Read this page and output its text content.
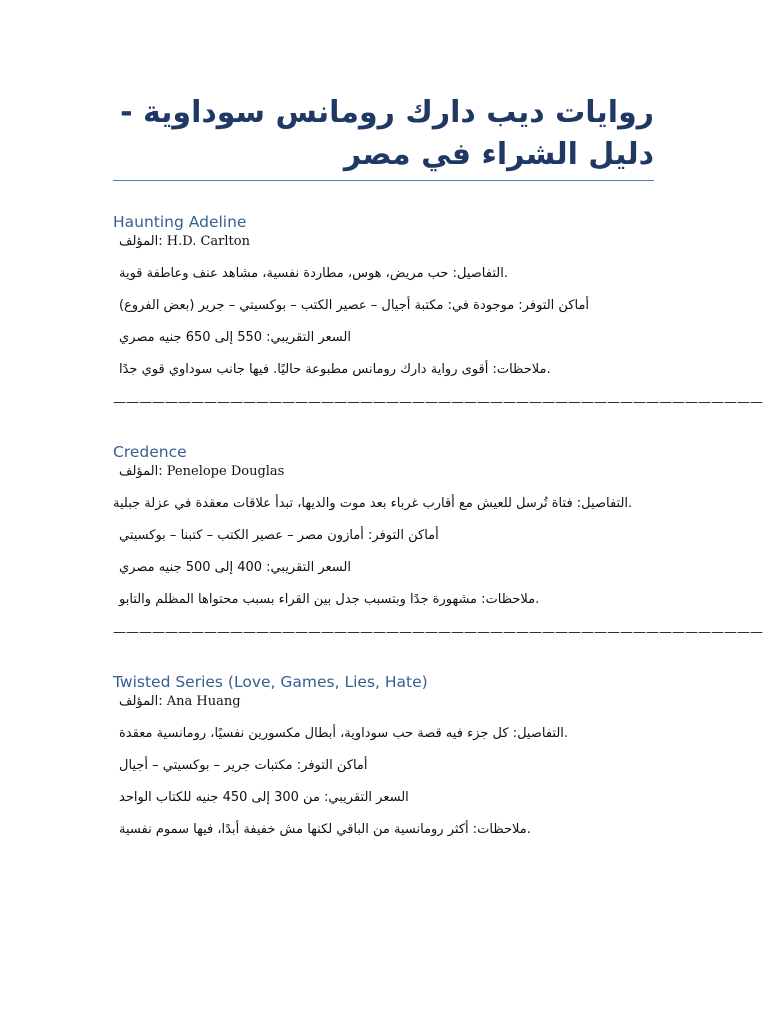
روايات ديب دارك رومانس سوداوية - دليل الشراء في مصر
Haunting Adeline

المؤلف: H.D. Carlton

التفاصيل: حب مريض، هوس، مطاردة نفسية، مشاهد عنف وعاطفة قوية.

أماكن التوفر: موجودة في: مكتبة أجيال – عصير الكتب – بوكسيتي – جرير (بعض الفروع)

السعر التقريبي: 550 إلى 650 جنيه مصري

ملاحظات: أقوى رواية دارك رومانس مطبوعة حاليًا. فيها جانب سوداوي قوي جدًا.

——————————————————————————————————————————————————
Credence

المؤلف: Penelope Douglas

التفاصيل: فتاة تُرسل للعيش مع أقارب غرباء بعد موت والديها، تبدأ علاقات معقدة في عزلة جبلية.

أماكن التوفر: أمازون مصر – عصير الكتب – كتبنا – بوكسيتي

السعر التقريبي: 400 إلى 500 جنيه مصري

ملاحظات: مشهورة جدًا وبتسبب جدل بين القراء بسبب محتواها المظلم والتابو.

——————————————————————————————————————————————————
Twisted Series (Love, Games, Lies, Hate)

المؤلف: Ana Huang

التفاصيل: كل جزء فيه قصة حب سوداوية، أبطال مكسورين نفسيًا، رومانسية معقدة.

أماكن التوفر: مكتبات جرير – بوكسيتي – أجيال

السعر التقريبي: من 300 إلى 450 جنيه للكتاب الواحد

ملاحظات: أكثر رومانسية من الباقي لكنها مش خفيفة أبدًا، فيها سموم نفسية.
